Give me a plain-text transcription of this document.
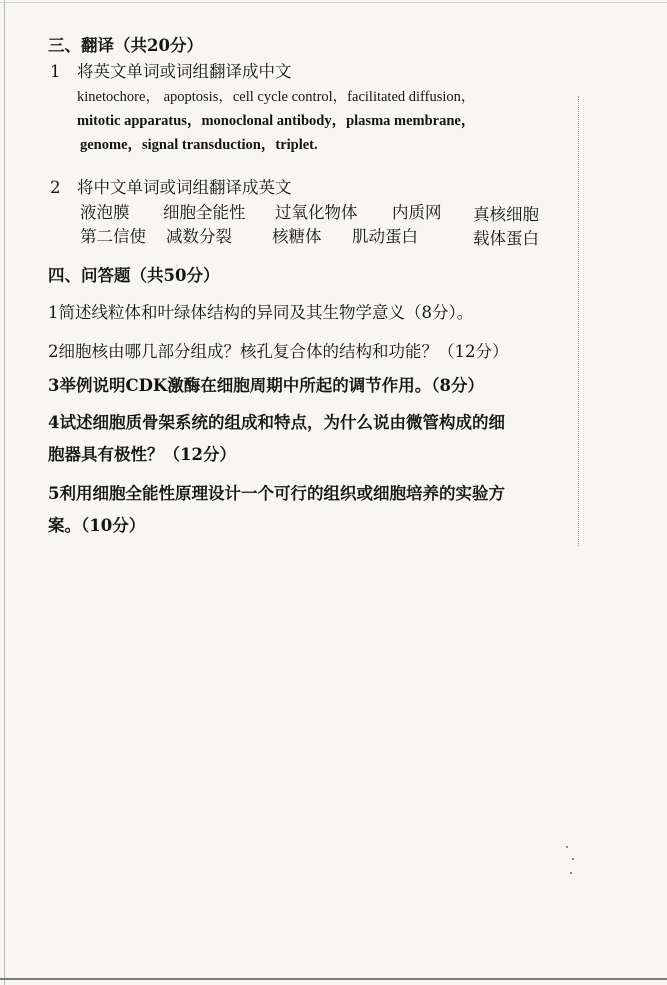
三、翻译（共20分）
1 将英文单词或词组翻译成中文
kinetochore， apoptosis，cell cycle control，facilitated diffusion，
mitotic apparatus，monoclonal antibody，plasma membrane，
genome，signal transduction，triplet.
2 将中文单词或词组翻译成英文
液泡膜 细胞全能性 过氧化物体 内质网 真核细胞
第二信使 减数分裂 核糖体 肌动蛋白	载体蛋白
四、问答题（共50分）
1简述线粒体和叶绿体结构的异同及其生物学意义（8分）。
2细胞核由哪几部分组成？核孔复合体的结构和功能？（12分）
3举例说明CDK激酶在细胞周期中所起的调节作用。（8分）
4试述细胞质骨架系统的组成和特点，为什么说由微管构成的细
胞器具有极性？（12分）
5利用细胞全能性原理设计一个可行的组织或细胞培养的实验方
案。（10分）
